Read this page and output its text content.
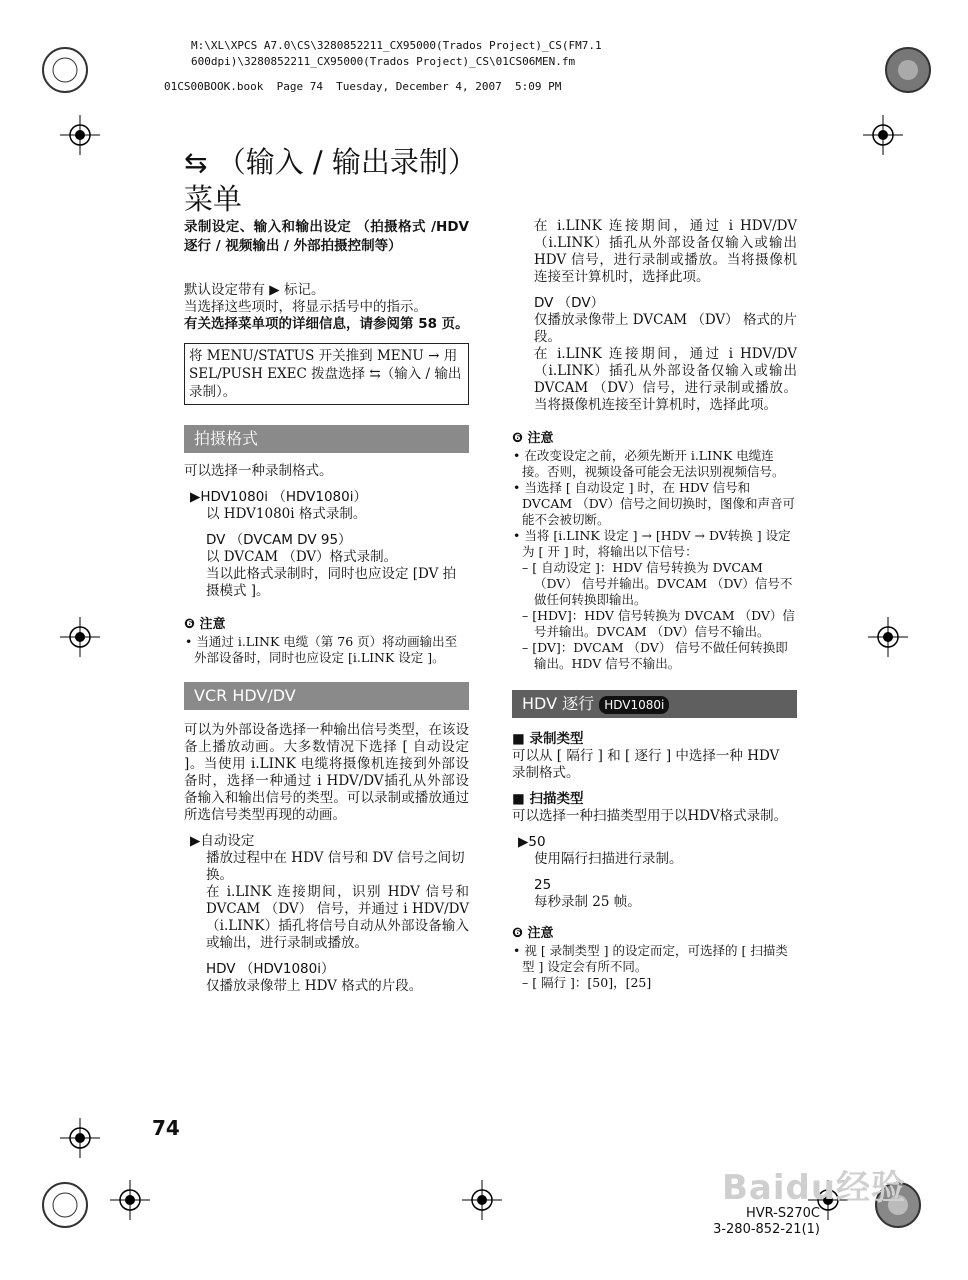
M:\XL\XPCS A7.0\CS\3280852211_CX95000(Trados Project)_CS(FM7.1
600dpi)\3280852211_CX95000(Trados Project)_CS\01CS06MEN.fm
01CS00BOOK.book  Page 74  Tuesday, December 4, 2007  5:09 PM
⇆ （输入 / 输出录制）菜单
录制设定、输入和输出设定 （拍摄格式 /HDV 逐行 / 视频输出 / 外部拍摄控制等）

默认设定带有 ▶ 标记。

当选择这些项时，将显示括号中的指示。

有关选择菜单项的详细信息，请参阅第 58 页。

将 MENU/STATUS 开关推到 MENU → 用 SEL/PUSH EXEC 拨盘选择 ⇆（输入 / 输出录制）。
拍摄格式

可以选择一种录制格式。

▶HDV1080i （HDV1080i）

以 HDV1080i 格式录制。

DV （DVCAM DV 95）

以 DVCAM （DV）格式录制。

当以此格式录制时，同时也应设定 [DV 拍摄模式 ]。

❻ 注意
• 当通过 i.LINK 电缆（第 76 页）将动画输出至外部设备时，同时也应设定 [i.LINK 设定 ]。
VCR HDV/DV

可以为外部设备选择一种输出信号类型，在该设备上播放动画。大多数情况下选择 [ 自动设定 ]。当使用 i.LINK 电缆将摄像机连接到外部设备时，选择一种通过 i HDV/DV插孔从外部设备输入和输出信号的类型。可以录制或播放通过所选信号类型再现的动画。

▶自动设定

播放过程中在 HDV 信号和 DV 信号之间切换。

在 i.LINK 连接期间，识别 HDV 信号和 DVCAM （DV） 信号，并通过 i HDV/DV （i.LINK）插孔将信号自动从外部设备输入或输出，进行录制或播放。

HDV （HDV1080i）

仅播放录像带上 HDV 格式的片段。

在 i.LINK 连接期间，通过 i HDV/DV （i.LINK）插孔从外部设备仅输入或输出 HDV 信号，进行录制或播放。当将摄像机连接至计算机时，选择此项。

DV （DV）

仅播放录像带上 DVCAM （DV） 格式的片段。

在 i.LINK 连接期间，通过 i HDV/DV （i.LINK）插孔从外部设备仅输入或输出 DVCAM （DV）信号，进行录制或播放。当将摄像机连接至计算机时，选择此项。

❻ 注意
• 在改变设定之前，必须先断开 i.LINK 电缆连接。否则，视频设备可能会无法识别视频信号。
• 当选择 [ 自动设定 ] 时，在 HDV 信号和 DVCAM （DV）信号之间切换时，图像和声音可能不会被切断。
• 当将 [i.LINK 设定 ] → [HDV → DV转换 ] 设定为 [ 开 ] 时，将输出以下信号：
– [ 自动设定 ]：HDV 信号转换为 DVCAM （DV） 信号并输出。DVCAM （DV）信号不做任何转换即输出。
– [HDV]：HDV 信号转换为 DVCAM （DV）信号并输出。DVCAM （DV）信号不输出。
– [DV]：DVCAM （DV） 信号不做任何转换即输出。HDV 信号不输出。
HDV 逐行 HDV1080i
■ 录制类型

可以从 [ 隔行 ] 和 [ 逐行 ] 中选择一种 HDV 录制格式。

■ 扫描类型

可以选择一种扫描类型用于以HDV格式录制。

▶50

使用隔行扫描进行录制。

25

每秒录制 25 帧。

❻ 注意
• 视 [ 录制类型 ] 的设定而定，可选择的 [ 扫描类型 ] 设定会有所不同。
– [ 隔行 ]：[50]，[25]
74
Baidu经验
HVR-S270C
3-280-852-21(1)
